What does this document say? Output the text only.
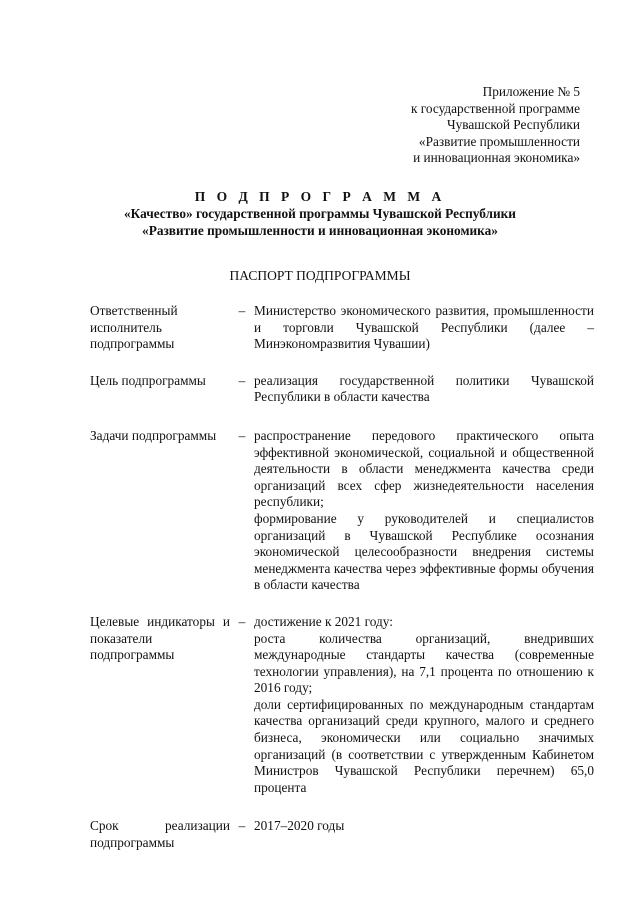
Приложение № 5
к государственной программе
Чувашской Республики
«Развитие промышленности
и инновационная экономика»
П О Д П Р О Г Р А М М А
«Качество» государственной программы Чувашской Республики
«Развитие промышленности и инновационная экономика»
ПАСПОРТ ПОДПРОГРАММЫ
Ответственный исполнитель подпрограммы
– Министерство экономического развития, промышленности и торговли Чувашской Республики (далее – Минэкономразвития Чувашии)

Цель подпрограммы	– реализация государственной политики Чувашской Республики в области качества

Задачи подпрограммы	– распространение передового практического опыта эффективной экономической, социальной и общественной деятельности в области менеджмента качества среди организаций всех сфер жизнедеятельности населения республики;

формирование у руководителей и специалистов организаций в Чувашской Республике осознания экономической целесообразности внедрения системы менеджмента качества через эффективные формы обучения в области качества

Целевые индикаторы и показатели подпрограммы
– достижение к 2021 году:

роста количества организаций, внедривших международные стандарты качества (современные технологии управления), на 7,1 процента по отношению к 2016 году;

доли сертифицированных по международным стандартам качества организаций среди крупного, малого и среднего бизнеса, экономически или социально значимых организаций (в соответствии с утвержденным Кабинетом Министров Чувашской Республики перечнем) 65,0 процента

Срок реализации подпрограммы
– 2017–2020 годы
